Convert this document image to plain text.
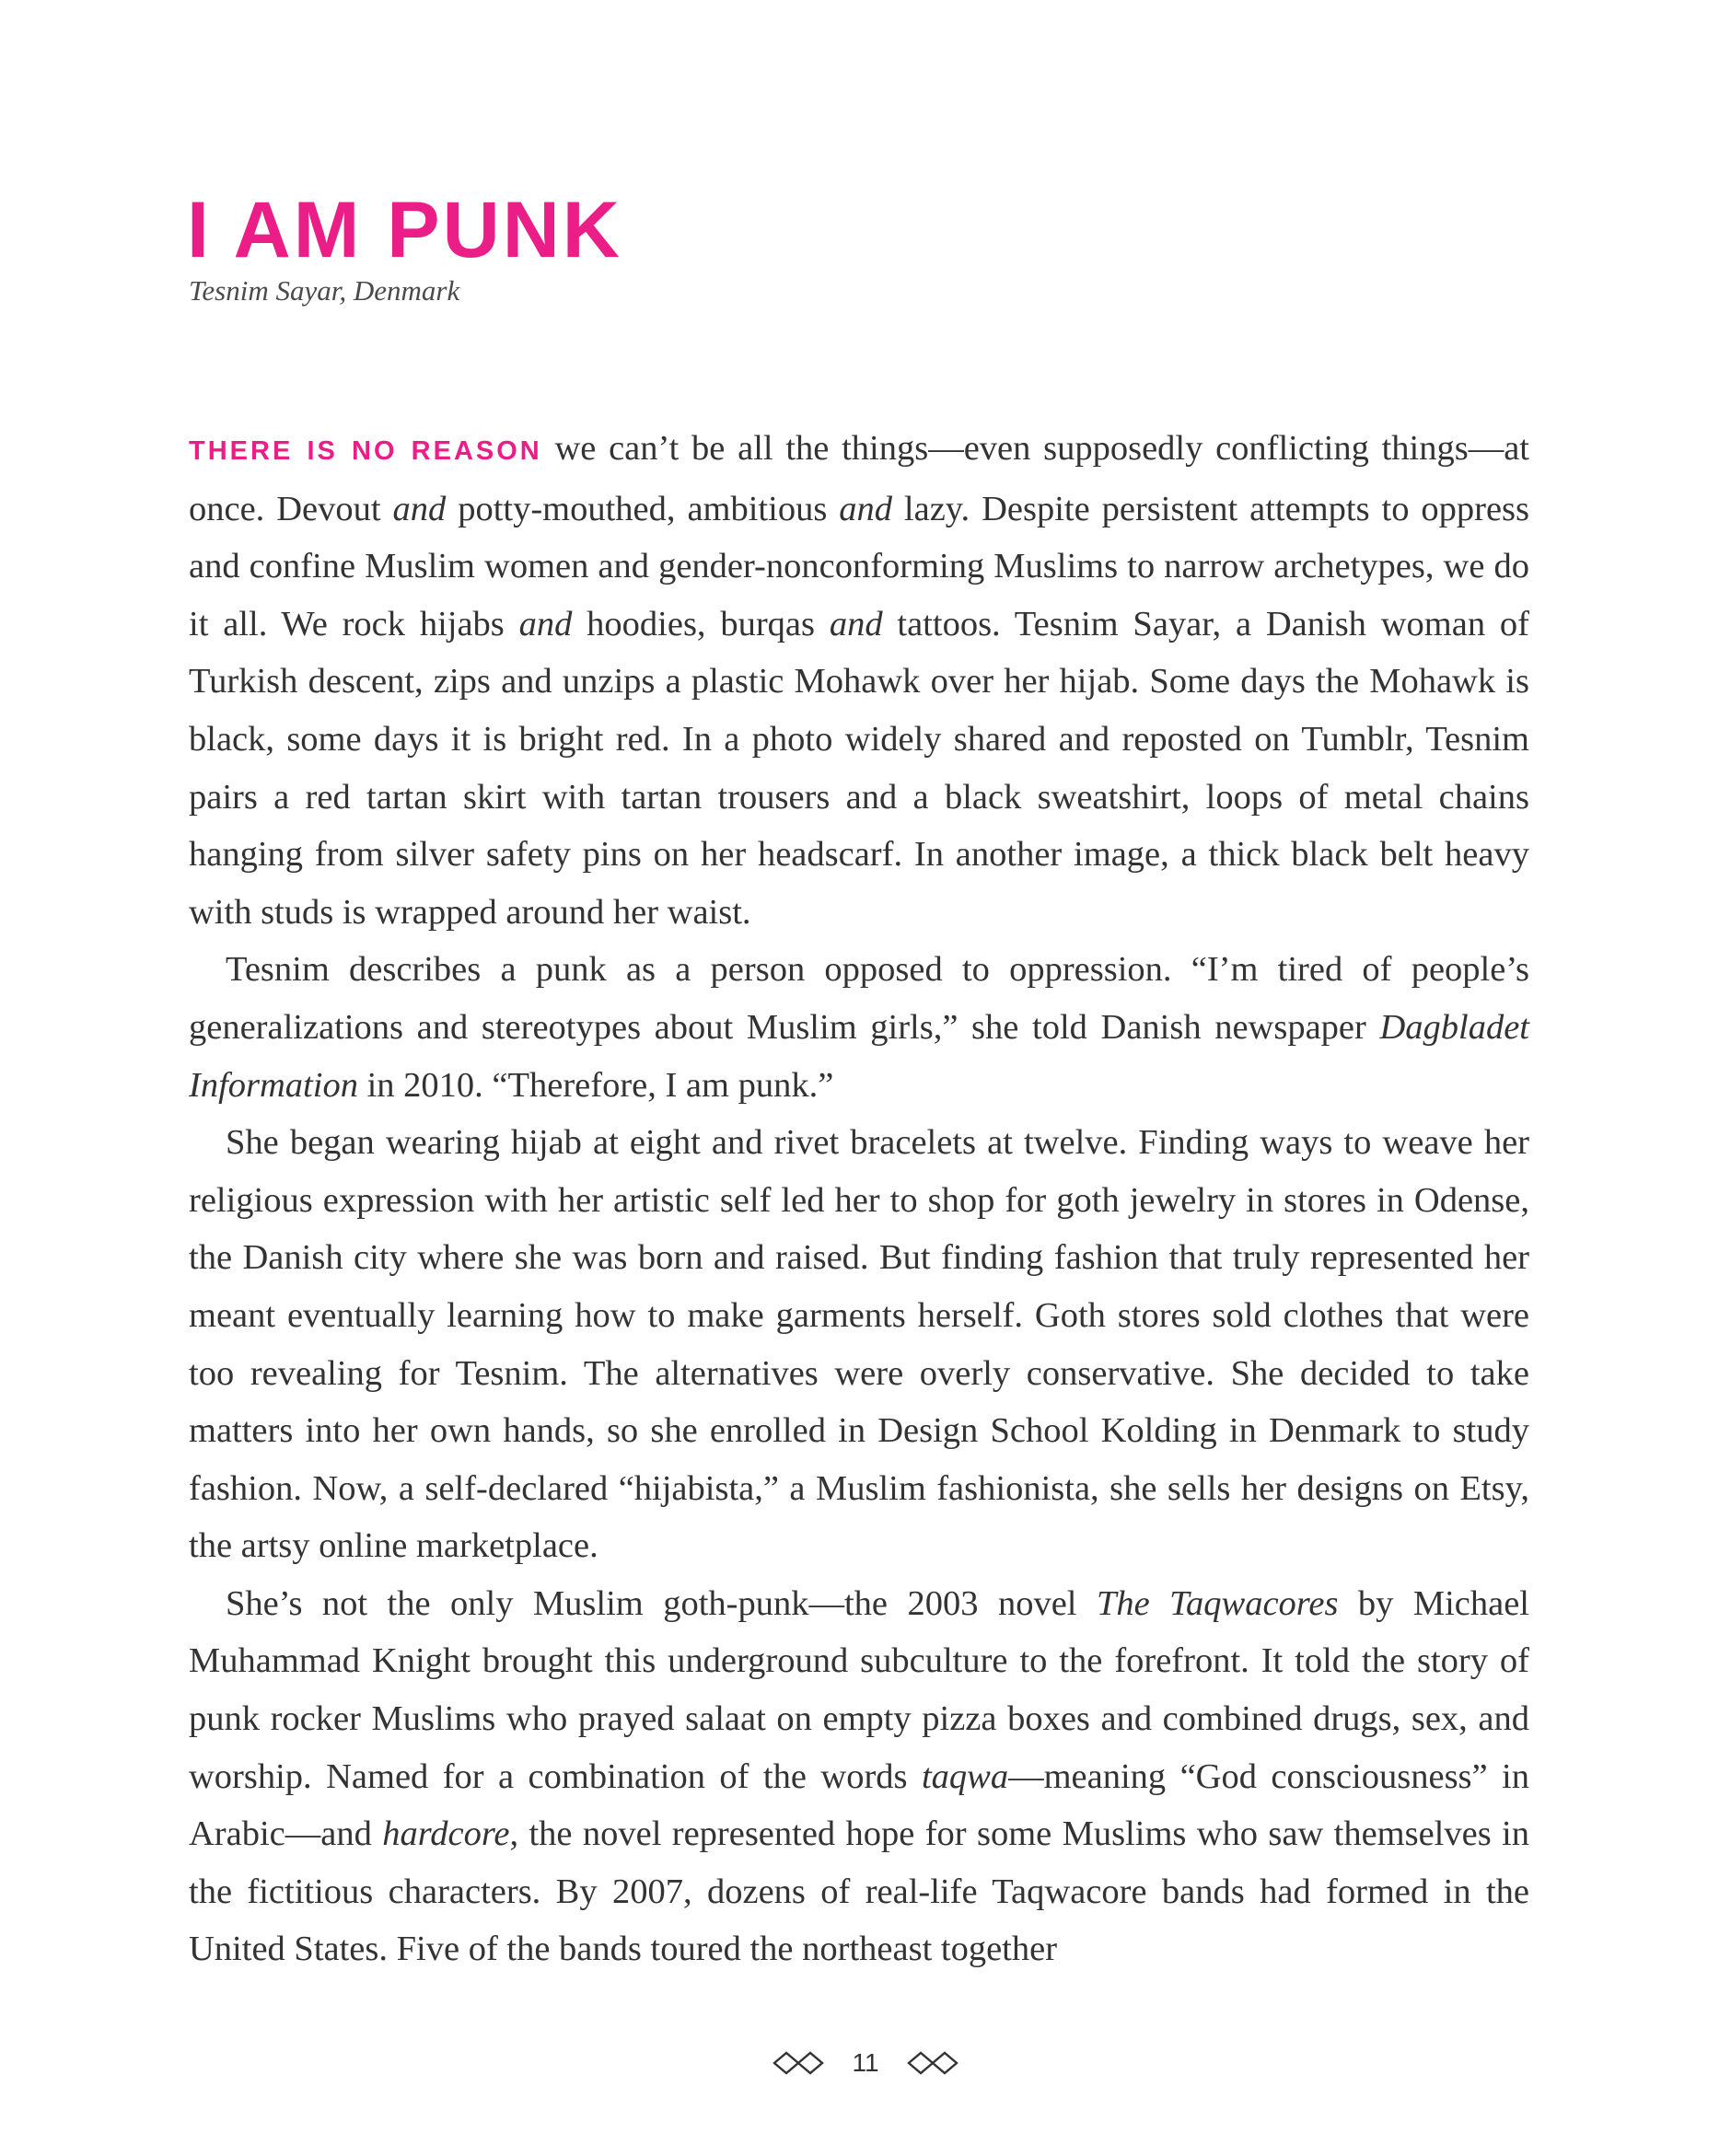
I AM PUNK

Tesnim Sayar, Denmark

THERE IS NO REASON we can’t be all the things—even supposedly conflicting things—at once. Devout and potty-mouthed, ambitious and lazy. Despite persistent attempts to oppress and confine Muslim women and gender-nonconforming Muslims to narrow archetypes, we do it all. We rock hijabs and hoodies, burqas and tattoos. Tesnim Sayar, a Danish woman of Turkish descent, zips and unzips a plastic Mohawk over her hijab. Some days the Mohawk is black, some days it is bright red. In a photo widely shared and reposted on Tumblr, Tesnim pairs a red tartan skirt with tartan trousers and a black sweatshirt, loops of metal chains hanging from silver safety pins on her headscarf. In another image, a thick black belt heavy with studs is wrapped around her waist.

Tesnim describes a punk as a person opposed to oppression. “I’m tired of people’s generalizations and stereotypes about Muslim girls,” she told Danish newspaper Dagbladet Information in 2010. “Therefore, I am punk.”

She began wearing hijab at eight and rivet bracelets at twelve. Finding ways to weave her religious expression with her artistic self led her to shop for goth jewelry in stores in Odense, the Danish city where she was born and raised. But finding fashion that truly represented her meant eventually learning how to make garments herself. Goth stores sold clothes that were too revealing for Tesnim. The alternatives were overly conservative. She decided to take matters into her own hands, so she enrolled in Design School Kolding in Denmark to study fashion. Now, a self-declared “hijabista,” a Muslim fashionista, she sells her designs on Etsy, the artsy online marketplace.

She’s not the only Muslim goth-punk—the 2003 novel The Taqwacores by Michael Muhammad Knight brought this underground subculture to the forefront. It told the story of punk rocker Muslims who prayed salaat on empty pizza boxes and combined drugs, sex, and worship. Named for a combination of the words taqwa—meaning “God consciousness” in Arabic—and hardcore, the novel represented hope for some Muslims who saw themselves in the fictitious characters. By 2007, dozens of real-life Taqwacore bands had formed in the United States. Five of the bands toured the northeast together

11
